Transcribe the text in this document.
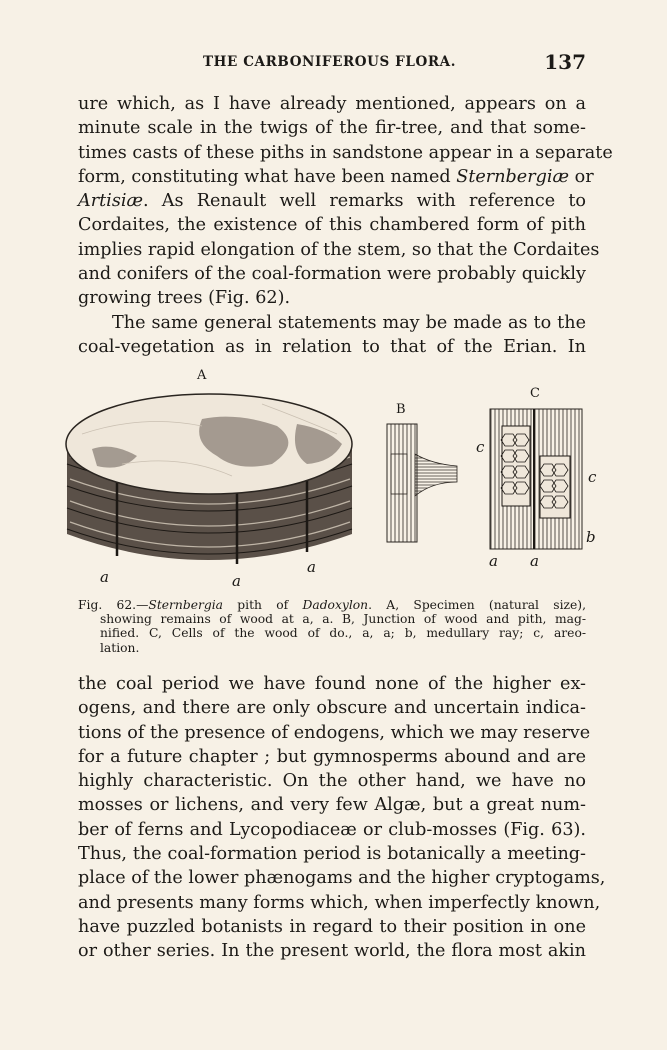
THE CARBONIFEROUS FLORA.	137
ure which, as I have already mentioned, appears on a
minute scale in the twigs of the fir-tree, and that some-
times casts of these piths in sandstone appear in a separate
form, constituting what have been named Sternbergiæ or
Artisiæ. As Renault well remarks with reference to
Cordaites, the existence of this chambered form of pith
implies rapid elongation of the stem, so that the Cordaites
and conifers of the coal-formation were probably quickly
growing trees (Fig. 62).
The same general statements may be made as to the
coal-vegetation as in relation to that of the Erian. In
A
B
C
a	a
a	a a
c
c
b
Fig. 62.—Sternbergia pith of Dadoxylon. A, Specimen (natural size),
showing remains of wood at a, a. B, Junction of wood and pith, mag-
nified. C, Cells of the wood of do., a, a; b, medullary ray; c, areo-
lation.
the coal period we have found none of the higher ex-
ogens, and there are only obscure and uncertain indica-
tions of the presence of endogens, which we may reserve
for a future chapter ; but gymnosperms abound and are
highly characteristic. On the other hand, we have no
mosses or lichens, and very few Algæ, but a great num-
ber of ferns and Lycopodiaceæ or club-mosses (Fig. 63).
Thus, the coal-formation period is botanically a meeting-
place of the lower phænogams and the higher cryptogams,
and presents many forms which, when imperfectly known,
have puzzled botanists in regard to their position in one
or other series. In the present world, the flora most akin
